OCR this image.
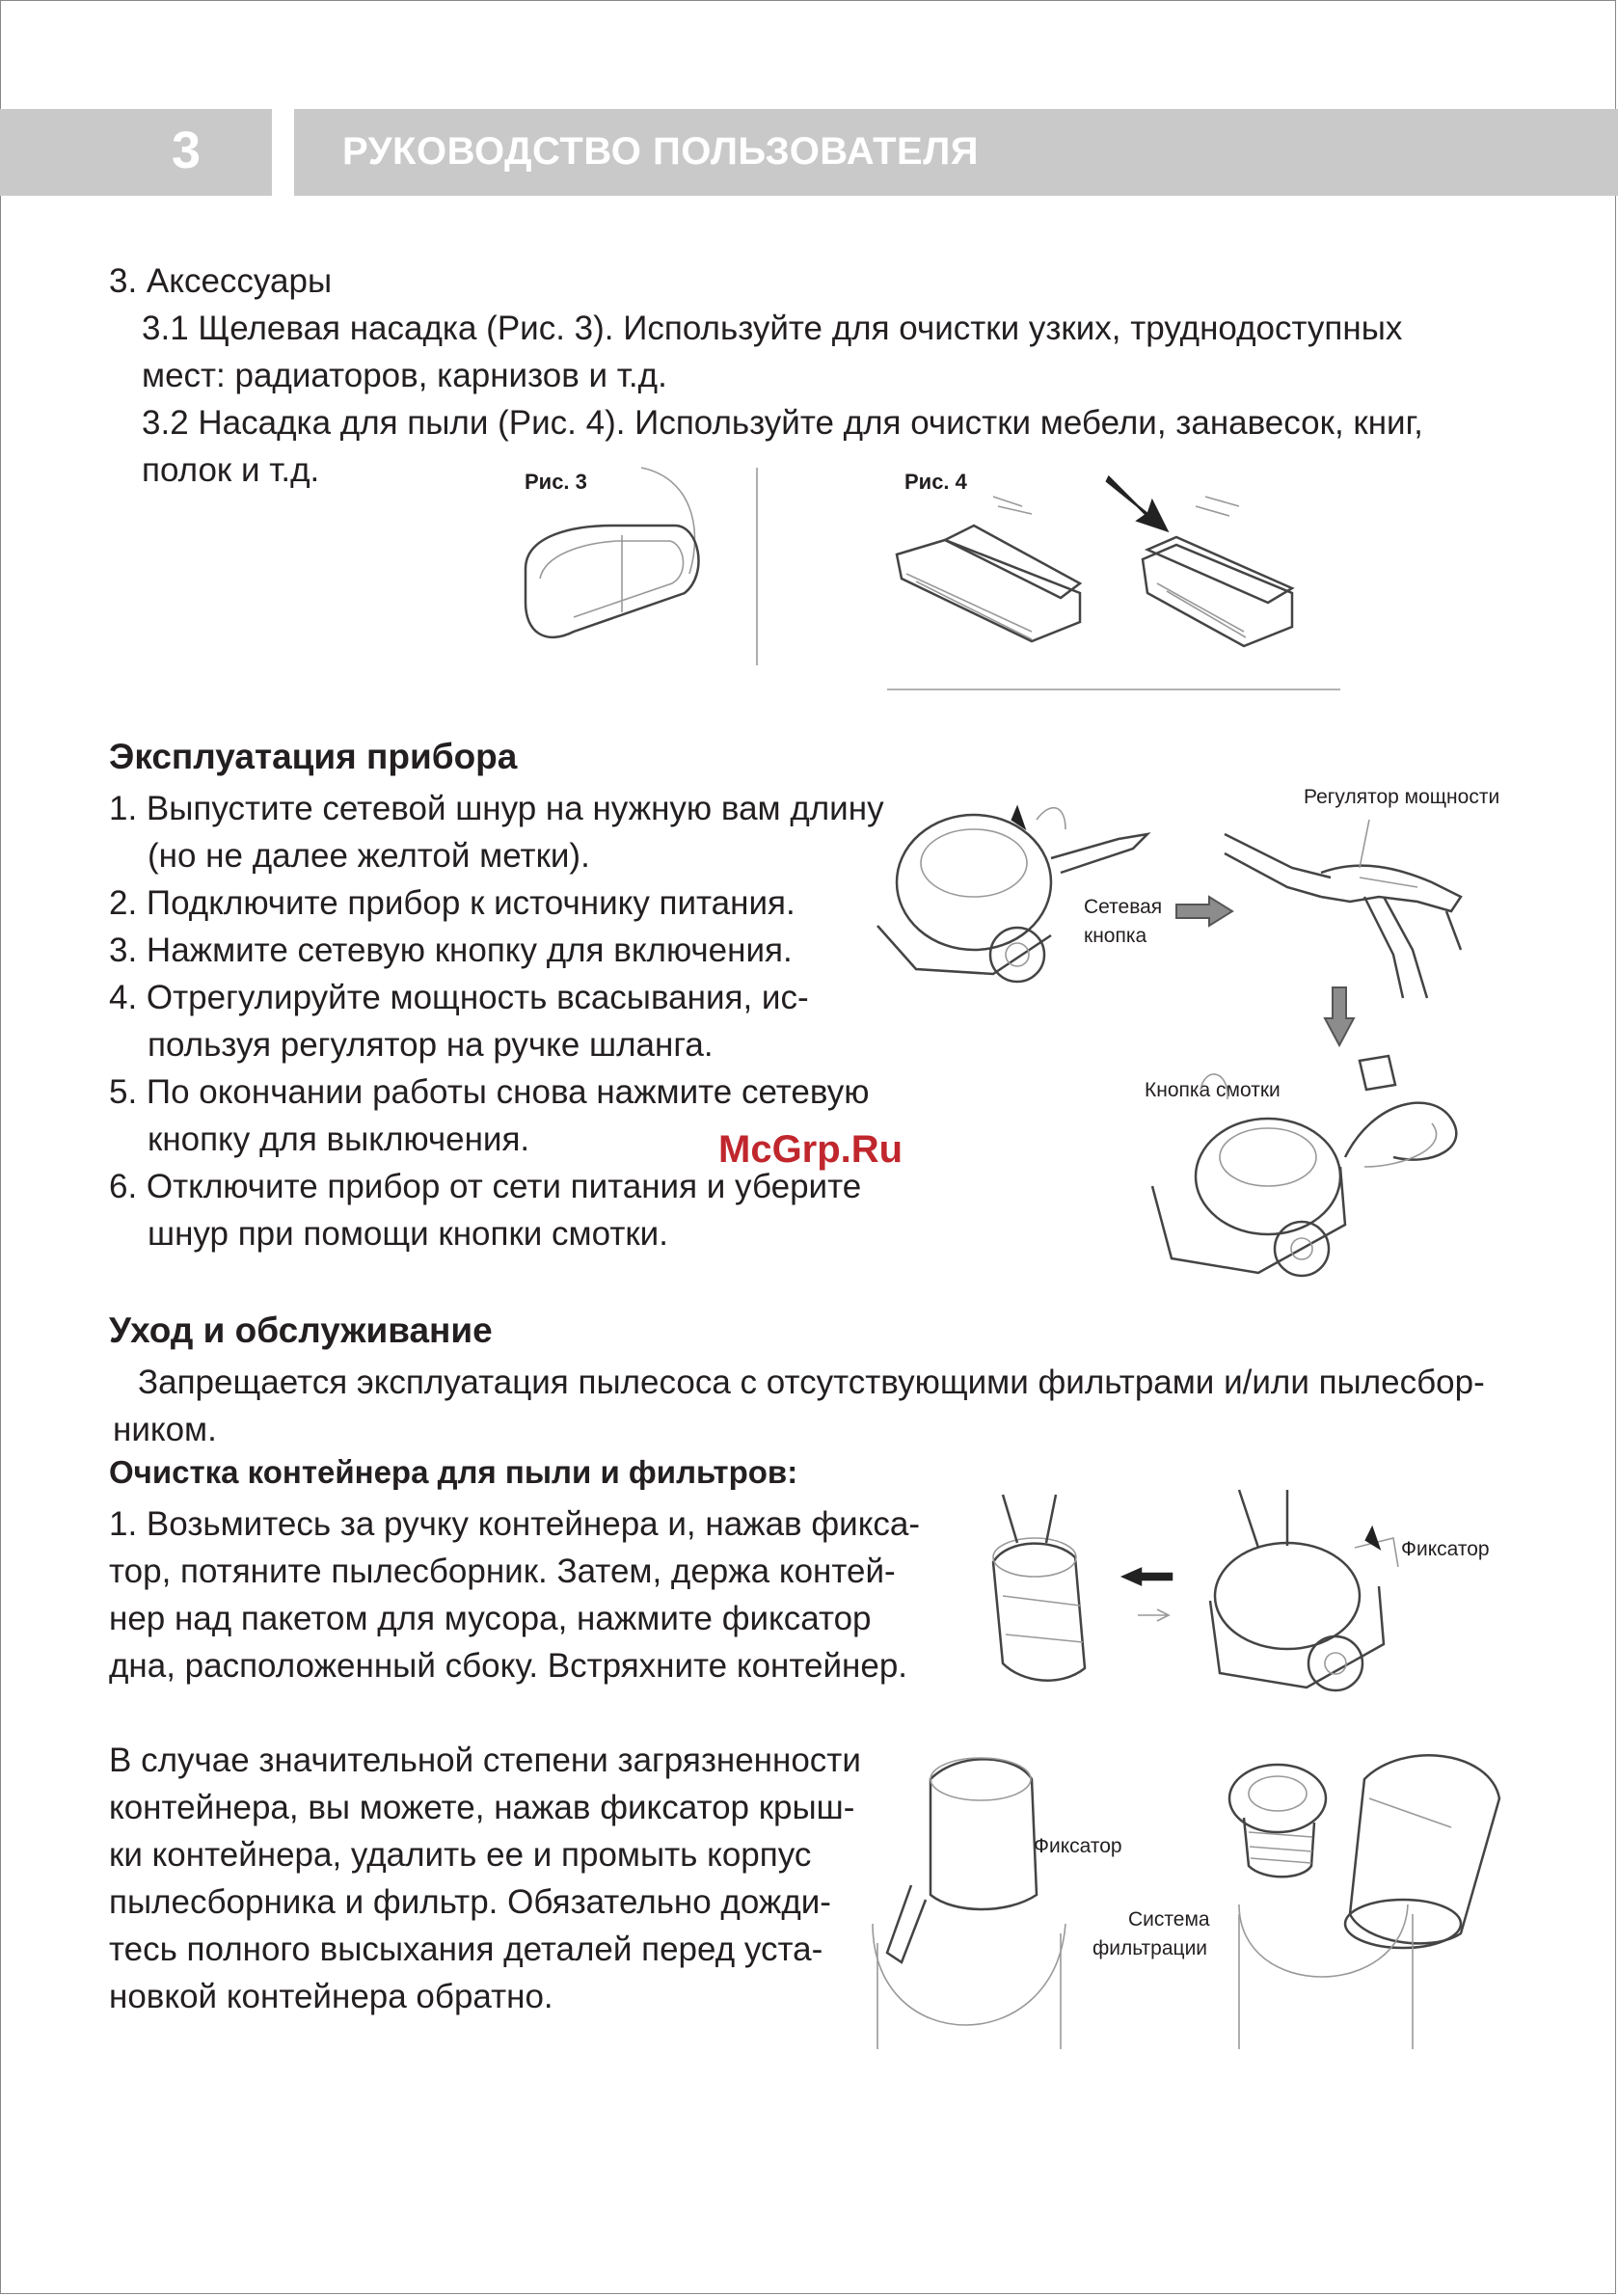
3	РУКОВОДСТВО ПОЛЬЗОВАТЕЛЯ
3. Аксессуары
3.1 Щелевая насадка (Рис. 3). Используйте для очистки узких, труднодоступных
мест: радиаторов, карнизов и т.д.
3.2 Насадка для пыли (Рис. 4). Используйте для очистки мебели, занавесок, книг,
полок и т.д.	Рис. 3	Рис. 4
Эксплуатация прибора
1. Выпустите сетевой шнур на нужную вам длину
(но не далее желтой метки).
2. Подключите прибор к источнику питания.
3. Нажмите сетевую кнопку для включения.
4. Отрегулируйте мощность всасывания, ис-
пользуя регулятор на ручке шланга.
5. По окончании работы снова нажмите сетевую
кнопку для выключения.
6. Отключите прибор от сети питания и уберите
шнур при помощи кнопки смотки.
Сетевая
кнопка
Регулятор мощности
Кнопка смотки
McGrp.Ru
Уход и обслуживание
Запрещается эксплуатация пылесоса с отсутствующими фильтрами и/или пылесбор-
ником.
Очистка контейнера для пыли и фильтров:
1. Возьмитесь за ручку контейнера и, нажав фикса-
тор, потяните пылесборник. Затем, держа контей-
нер над пакетом для мусора, нажмите фиксатор
дна, расположенный сбоку. Встряхните контейнер.
Фиксатор
В случае значительной степени загрязненности
контейнера, вы можете, нажав фиксатор крыш-
ки контейнера, удалить ее и промыть корпус
пылесборника и фильтр. Обязательно дожди-
тесь полного высыхания деталей перед уста-
новкой контейнера обратно.
Фиксатор
Система
фильтрации
